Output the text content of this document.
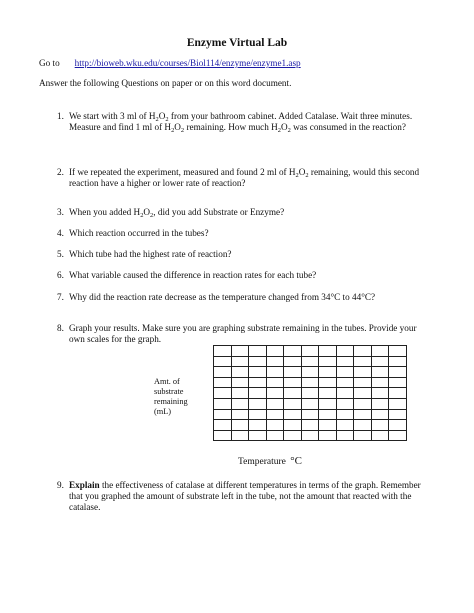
Enzyme Virtual Lab
Go to http://bioweb.wku.edu/courses/Biol114/enzyme/enzyme1.asp
Answer the following Questions on paper or on this word document.
1. We start with 3 ml of $H_2O_2$ from your bathroom cabinet. Added Catalase. Wait three minutes.
Measure and find 1 ml of $H_2O_2$ remaining. How much $H_2O_2$ was consumed in the reaction?
2. If we repeated the experiment, measured and found 2 ml of $H_2O_2$ remaining, would this second
reaction have a higher or lower rate of reaction?
3. When you added $H_2O_2$, did you add Substrate or Enzyme?
4. Which reaction occurred in the tubes?
5. Which tube had the highest rate of reaction?
6. What variable caused the difference in reaction rates for each tube?
7. Why did the reaction rate decrease as the temperature changed from 34°C to 44°C?
8. Graph your results. Make sure you are graphing substrate remaining in the tubes. Provide your
own scales for the graph.
Amt. of
substrate
remaining
(mL)

Temperature °C
9. Explain the effectiveness of catalase at different temperatures in terms of the graph. Remember
that you graphed the amount of substrate left in the tube, not the amount that reacted with the
catalase.
